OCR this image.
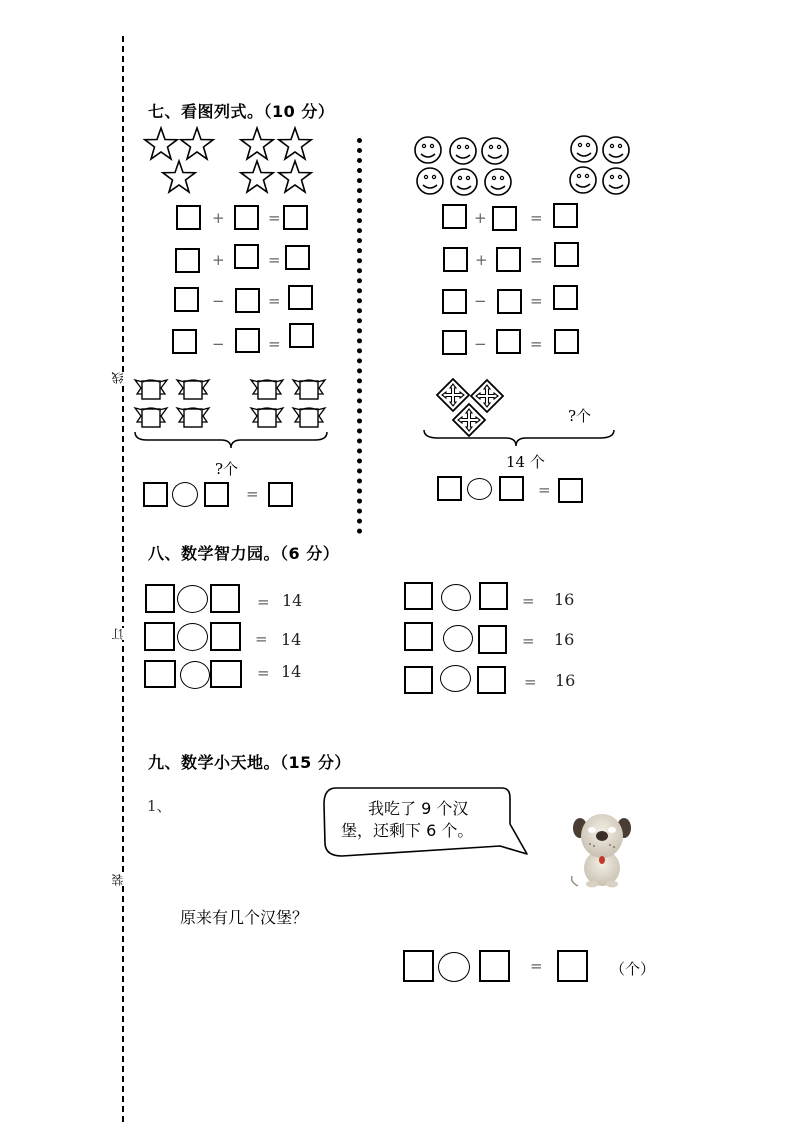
线
订
装
七、看图列式。（10 分）
+	=
+	=
−	=
−	=
?个
=
+	=
+	=
−	=
−	=
?个
14 个
=
八、数学智力园。（6 分）
= 14
= 14
= 14
= 16
= 16
= 16
九、数学小天地。（15 分）
1、	我吃了 9 个汉
堡，还剩下 6 个。
原来有几个汉堡？
=	（个）
